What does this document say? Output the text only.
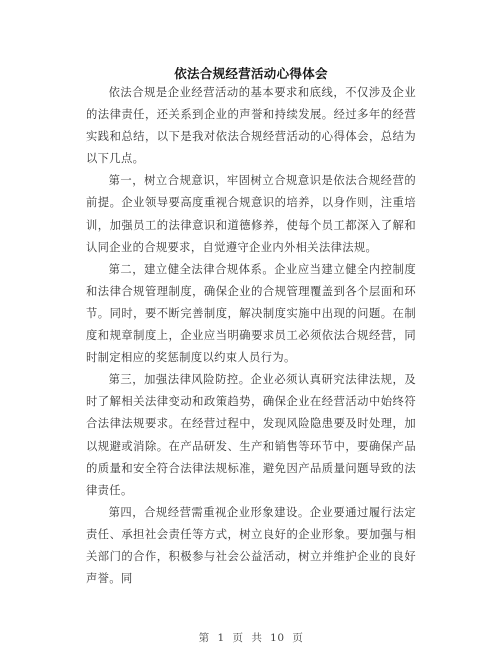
依法合规经营活动心得体会

依法合规是企业经营活动的基本要求和底线，不仅涉及企业的法律责任，还关系到企业的声誉和持续发展。经过多年的经营实践和总结，以下是我对依法合规经营活动的心得体会，总结为以下几点。

第一，树立合规意识，牢固树立合规意识是依法合规经营的前提。企业领导要高度重视合规意识的培养，以身作则，注重培训，加强员工的法律意识和道德修养，使每个员工都深入了解和认同企业的合规要求，自觉遵守企业内外相关法律法规。

第二，建立健全法律合规体系。企业应当建立健全内控制度和法律合规管理制度，确保企业的合规管理覆盖到各个层面和环节。同时，要不断完善制度，解决制度实施中出现的问题。在制度和规章制度上，企业应当明确要求员工必须依法合规经营，同时制定相应的奖惩制度以约束人员行为。

第三，加强法律风险防控。企业必须认真研究法律法规，及时了解相关法律变动和政策趋势，确保企业在经营活动中始终符合法律法规要求。在经营过程中，发现风险隐患要及时处理，加以规避或消除。在产品研发、生产和销售等环节中，要确保产品的质量和安全符合法律法规标准，避免因产品质量问题导致的法律责任。

第四，合规经营需重视企业形象建设。企业要通过履行法定责任、承担社会责任等方式，树立良好的企业形象。要加强与相关部门的合作，积极参与社会公益活动，树立并维护企业的良好声誉。同

第 1 页 共 10 页
